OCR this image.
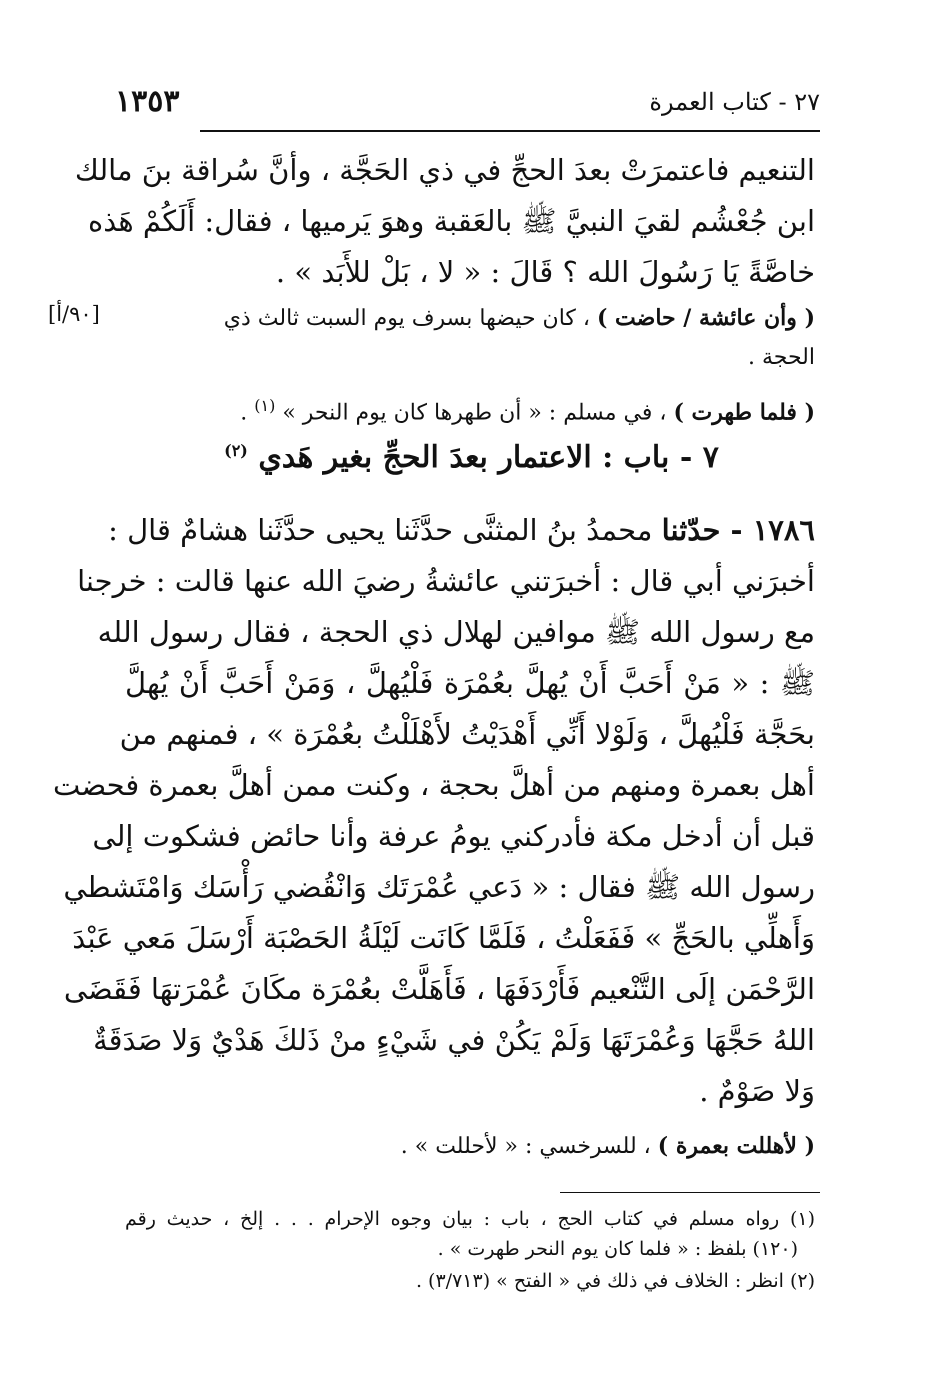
٢٧ - كتاب العمرة
١٣٥٣
[٩٠/أ]
التنعيم فاعتمرَتْ بعدَ الحجِّ في ذي الحَجَّة ، وأنَّ سُراقة بنَ مالك
ابن جُعْشُم لقيَ النبيَّ ﷺ بالعَقبة وهوَ يَرميها ، فقال: أَلَكُمْ هَذه
خاصَّةً يَا رَسُولَ الله ؟ قَالَ : « لا ، بَلْ للأَبَد » .
( وأن عائشة / حاضت ) ، كان حيضها بسرف يوم السبت ثالث ذي
الحجة .
( فلما طهرت ) ، في مسلم : « أن طهرها كان يوم النحر » $^{(١)}$ .
٧ - باب : الاعتمار بعدَ الحجِّ بغير هَدي $^{(٢)}$
١٧٨٦ - حدّثنا محمدُ بنُ المثنَّى حدَّثَنا يحيى حدَّثَنا هشامٌ قال :
أخبرَني أبي قال : أخبرَتني عائشةُ رضيَ الله عنها قالت : خرجنا
مع رسول الله ﷺ موافين لهلال ذي الحجة ، فقال رسول الله
ﷺ : « مَنْ أَحَبَّ أَنْ يُهلَّ بعُمْرَة فَلْيُهلَّ ، وَمَنْ أَحَبَّ أَنْ يُهلَّ
بحَجَّة فَلْيُهلَّ ، وَلَوْلا أَنِّي أَهْدَيْتُ لأَهْلَلْتُ بعُمْرَة » ، فمنهم من
أهل بعمرة ومنهم من أهلَّ بحجة ، وكنت ممن أهلَّ بعمرة فحضت
قبل أن أدخل مكة فأدركني يومُ عرفة وأنا حائض فشكوت إلى
رسول الله ﷺ فقال : « دَعي عُمْرَتَك وَانْقُضي رَأْسَك وَامْتَشطي
وَأَهلِّي بالحَجِّ » فَفَعَلْتُ ، فَلَمَّا كَانَت لَيْلَةُ الحَصْبَة أَرْسَلَ مَعي عَبْدَ
الرَّحْمَن إلَى التَّنْعيم فَأَرْدَفَهَا ، فَأَهَلَّتْ بعُمْرَة مكَانَ عُمْرَتهَا فَقَضَى
اللهُ حَجَّهَا وَعُمْرَتَهَا وَلَمْ يَكُنْ في شَيْءٍ منْ ذَلكَ هَدْيٌ وَلا صَدَقَةٌ
وَلا صَوْمٌ .
( لأهللت بعمرة ) ، للسرخسي : « لأحللت » .
(١) رواه مسلم في كتاب الحج ، باب : بيان وجوه الإحرام . . . إلخ ، حديث رقم
(١٢٠) بلفظ : « فلما كان يوم النحر طهرت » .
(٢) انظر : الخلاف في ذلك في « الفتح » (٣/٧١٣) .
